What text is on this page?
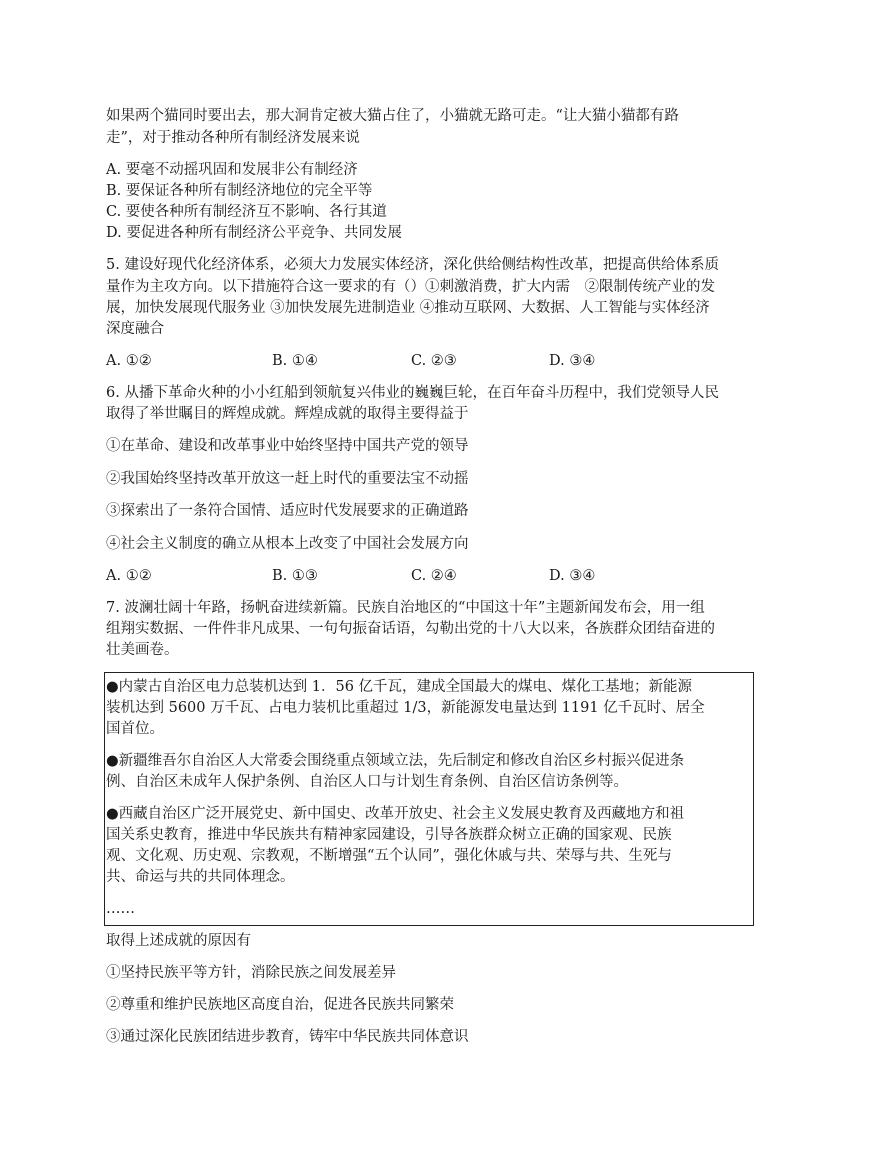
如果两个猫同时要出去，那大洞肯定被大猫占住了，小猫就无路可走。“让大猫小猫都有路
走”，对于推动各种所有制经济发展来说
A. 要毫不动摇巩固和发展非公有制经济
B. 要保证各种所有制经济地位的完全平等
C. 要使各种所有制经济互不影响、各行其道
D. 要促进各种所有制经济公平竞争、共同发展
5. 建设好现代化经济体系，必须大力发展实体经济，深化供给侧结构性改革，把提高供给体系质
量作为主攻方向。以下措施符合这一要求的有（）①刺激消费，扩大内需　②限制传统产业的发
展，加快发展现代服务业 ③加快发展先进制造业 ④推动互联网、大数据、人工智能与实体经济
深度融合
A. ①②	B. ①④	C. ②③	D. ③④
6. 从播下革命火种的小小红船到领航复兴伟业的巍巍巨轮，在百年奋斗历程中，我们党领导人民
取得了举世瞩目的辉煌成就。辉煌成就的取得主要得益于
①在革命、建设和改革事业中始终坚持中国共产党的领导
②我国始终坚持改革开放这一赶上时代的重要法宝不动摇
③探索出了一条符合国情、适应时代发展要求的正确道路
④社会主义制度的确立从根本上改变了中国社会发展方向
A. ①②	B. ①③	C. ②④	D. ③④
7. 波澜壮阔十年路，扬帆奋进续新篇。民族自治地区的“中国这十年”主题新闻发布会，用一组
组翔实数据、一件件非凡成果、一句句振奋话语，勾勒出党的十八大以来，各族群众团结奋进的
壮美画卷。
●内蒙古自治区电力总装机达到 1．56 亿千瓦，建成全国最大的煤电、煤化工基地；新能源
装机达到 5600 万千瓦、占电力装机比重超过 1/3，新能源发电量达到 1191 亿千瓦时、居全
国首位。
●新疆维吾尔自治区人大常委会围绕重点领域立法，先后制定和修改自治区乡村振兴促进条
例、自治区未成年人保护条例、自治区人口与计划生育条例、自治区信访条例等。
●西藏自治区广泛开展党史、新中国史、改革开放史、社会主义发展史教育及西藏地方和祖
国关系史教育，推进中华民族共有精神家园建设，引导各族群众树立正确的国家观、民族
观、文化观、历史观、宗教观，不断增强“五个认同”，强化休戚与共、荣辱与共、生死与
共、命运与共的共同体理念。
……
取得上述成就的原因有
①坚持民族平等方针，消除民族之间发展差异
②尊重和维护民族地区高度自治，促进各民族共同繁荣
③通过深化民族团结进步教育，铸牢中华民族共同体意识
